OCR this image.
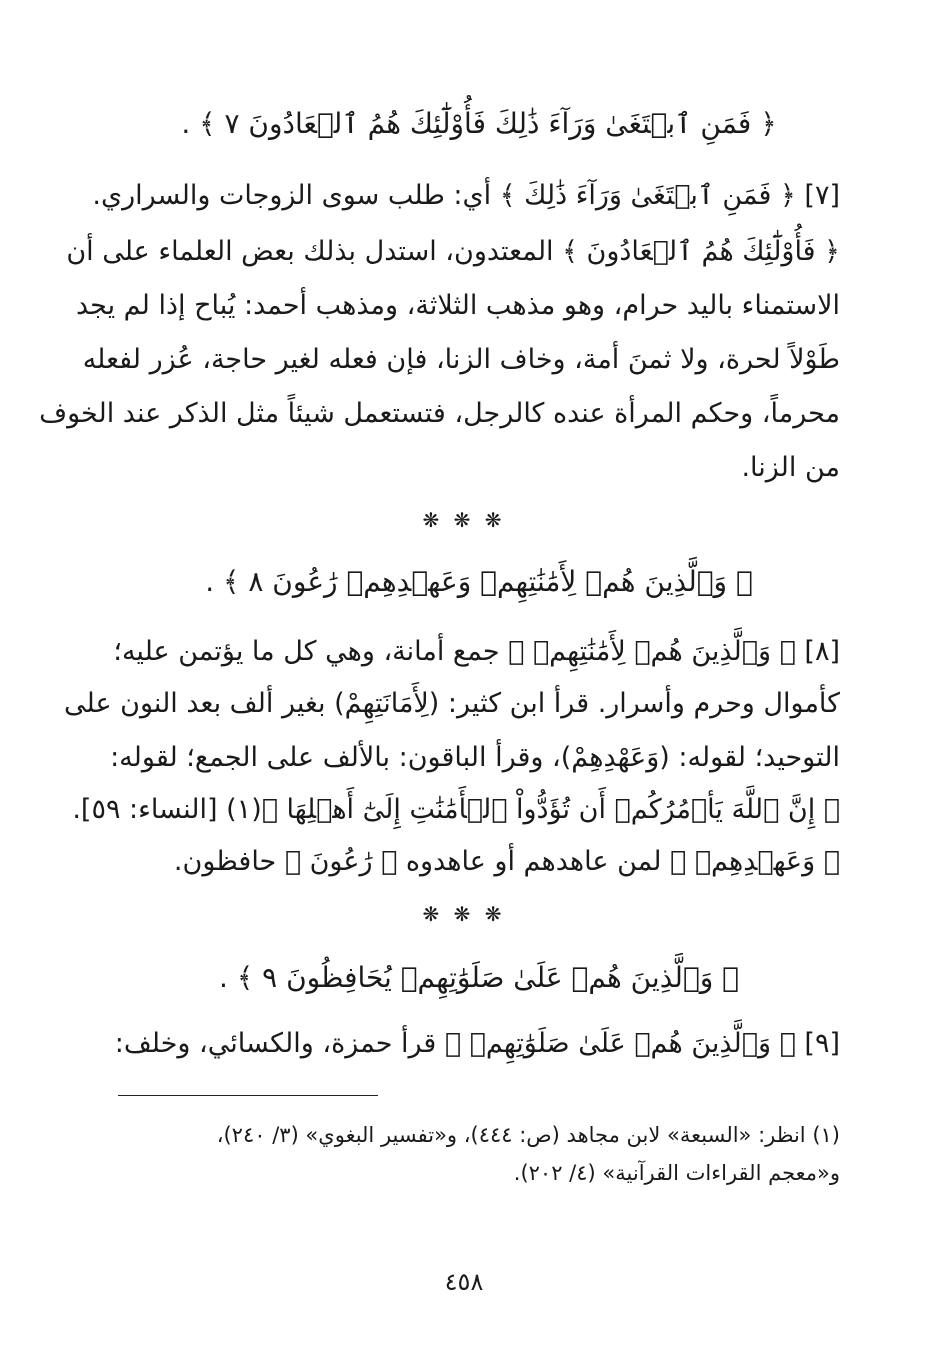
﴿ فَمَنِ ٱبۡتَغَىٰ وَرَآءَ ذَٰلِكَ فَأُوْلَٰٓئِكَ هُمُ ٱلۡعَادُونَ ٧ ﴾ .
[٧] ﴿ فَمَنِ ٱبۡتَغَىٰ وَرَآءَ ذَٰلِكَ ﴾ أي: طلب سوى الزوجات والسراري.
﴿ فَأُوْلَٰٓئِكَ هُمُ ٱلۡعَادُونَ ﴾ المعتدون، استدل بذلك بعض العلماء على أن
الاستمناء باليد حرام، وهو مذهب الثلاثة، ومذهب أحمد: يُباح إذا لم يجد
طَوْلاً لحرة، ولا ثمنَ أمة، وخاف الزنا، فإن فعله لغير حاجة، عُزر لفعله
محرماً، وحكم المرأة عنده كالرجل، فتستعمل شيئاً مثل الذكر عند الخوف
من الزنا.
❋ ❋ ❋
﴿ وَٱلَّذِينَ هُمۡ لِأَمَٰنَٰتِهِمۡ وَعَهۡدِهِمۡ رَٰعُونَ ٨ ﴾ .
[٨] ﴿ وَٱلَّذِينَ هُمۡ لِأَمَٰنَٰتِهِمۡ ﴾ جمع أمانة، وهي كل ما يؤتمن عليه؛
كأموال وحرم وأسرار. قرأ ابن كثير: (لِأَمَانَتِهِمْ) بغير ألف بعد النون على
التوحيد؛ لقوله: (وَعَهْدِهِمْ)، وقرأ الباقون: بالألف على الجمع؛ لقوله:
﴿ إِنَّ ٱللَّهَ يَأۡمُرُكُمۡ أَن تُؤَدُّواْ ٱلۡأَمَٰنَٰتِ إِلَىٰٓ أَهۡلِهَا ﴾(١) [النساء: ٥٩].
﴿ وَعَهۡدِهِمۡ ﴾ لمن عاهدهم أو عاهدوه ﴿ رَٰعُونَ ﴾ حافظون.
❋ ❋ ❋
﴿ وَٱلَّذِينَ هُمۡ عَلَىٰ صَلَوَٰتِهِمۡ يُحَافِظُونَ ٩ ﴾ .
[٩] ﴿ وَٱلَّذِينَ هُمۡ عَلَىٰ صَلَوَٰتِهِمۡ ﴾ قرأ حمزة، والكسائي، وخلف:
(١) انظر: «السبعة» لابن مجاهد (ص: ٤٤٤)، و«تفسير البغوي» (٣/ ٢٤٠)،
و«معجم القراءات القرآنية» (٤/ ٢٠٢).
٤٥٨
